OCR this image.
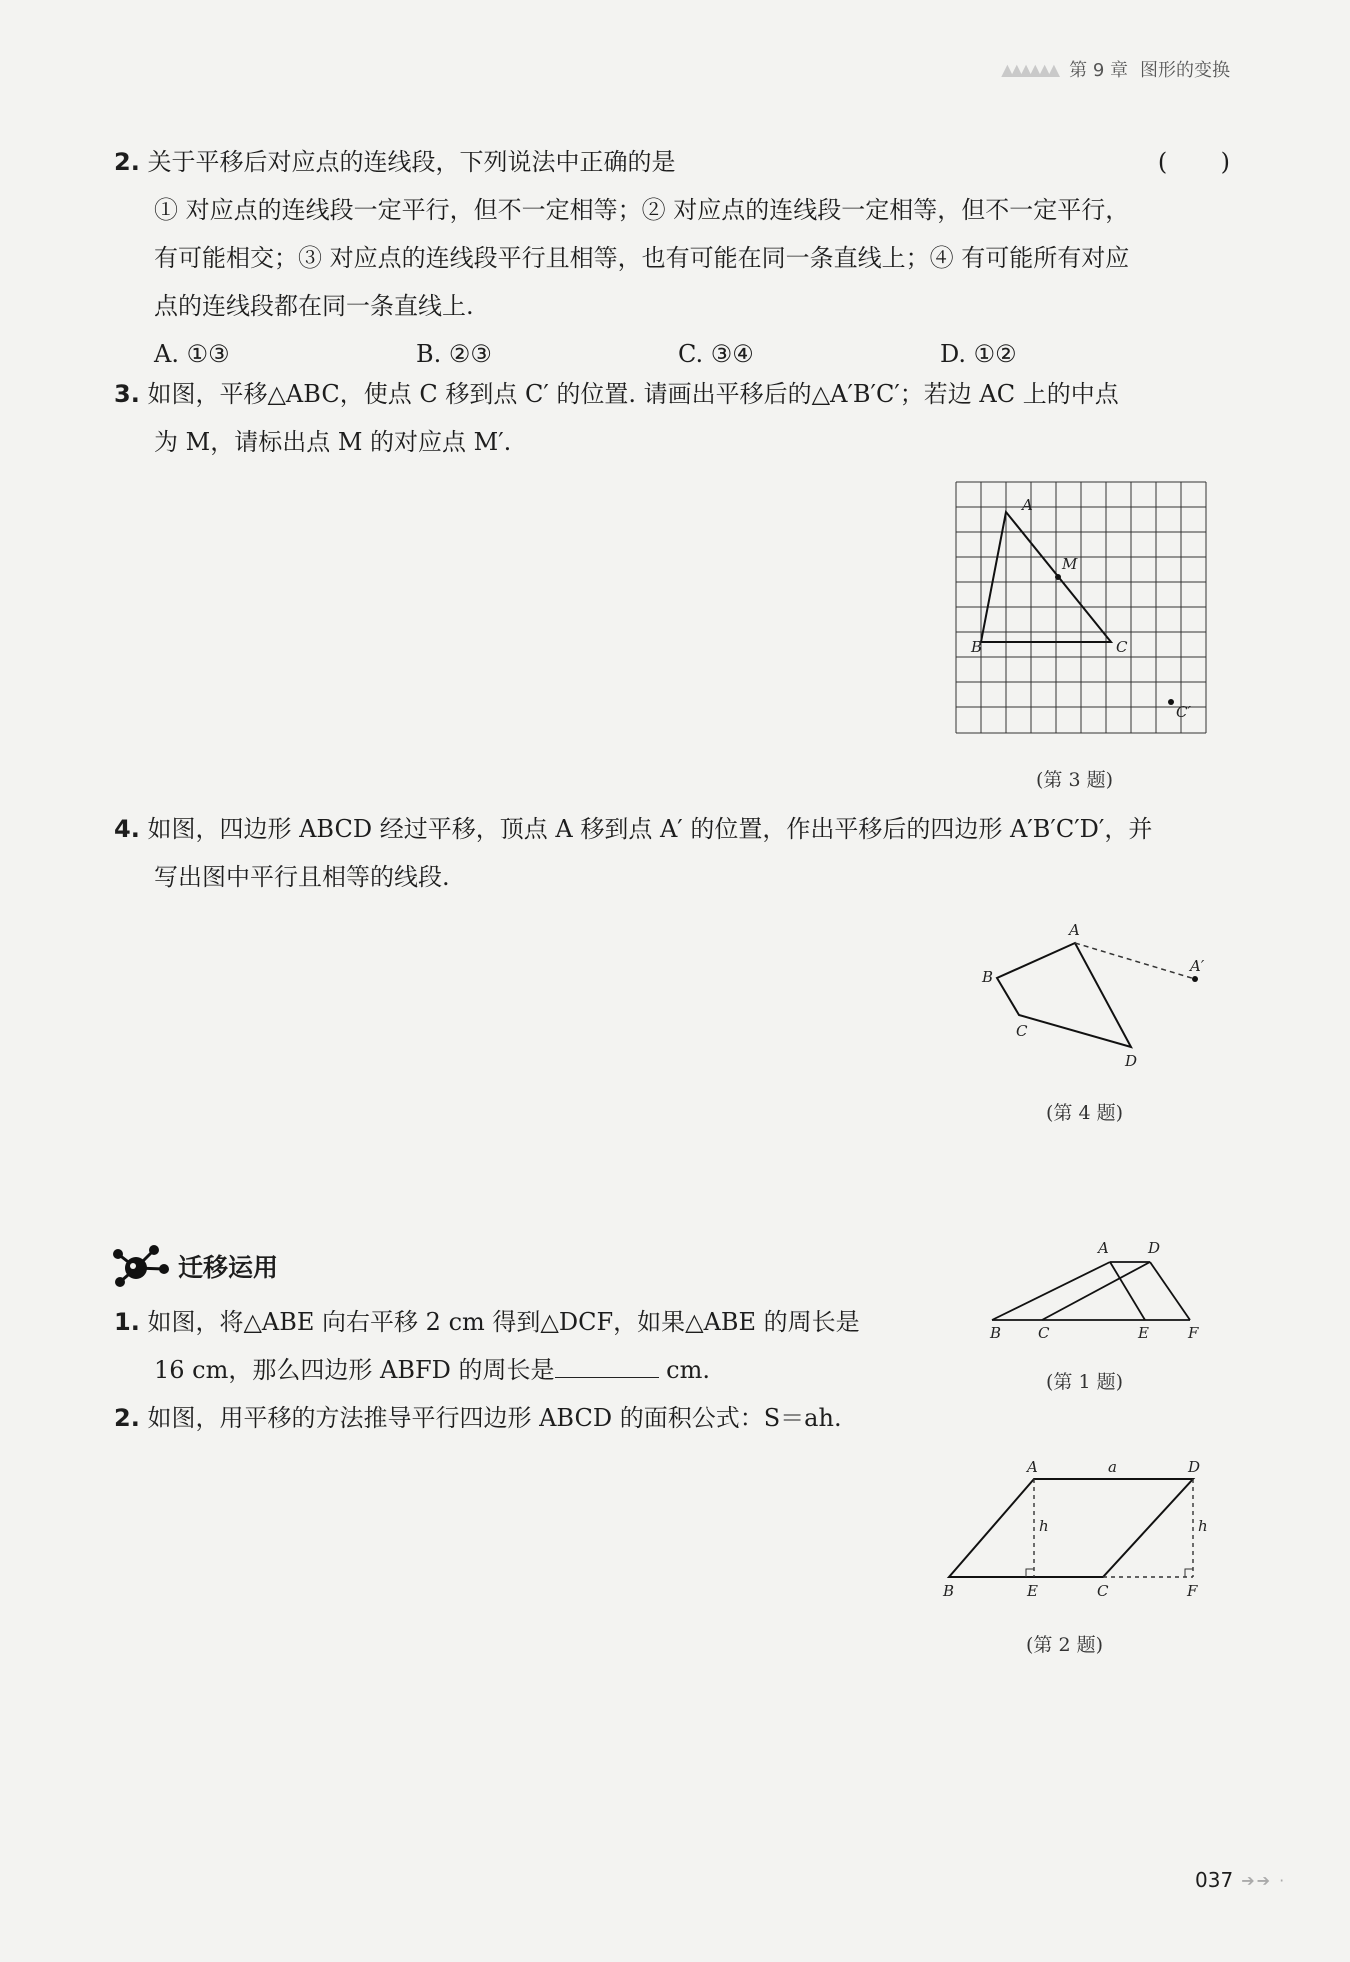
▲▲▲▲▲▲ 第 9 章 图形的变换
2. 关于平移后对应点的连线段，下列说法中正确的是	(       )
① 对应点的连线段一定平行，但不一定相等；② 对应点的连线段一定相等，但不一定平行，
有可能相交；③ 对应点的连线段平行且相等，也有可能在同一条直线上；④ 有可能所有对应
点的连线段都在同一条直线上.
A. ①③	B. ②③	C. ③④	D. ①②
3. 如图，平移△ABC，使点 C 移到点 C′ 的位置. 请画出平移后的△A′B′C′；若边 AC 上的中点
为 M，请标出点 M 的对应点 M′.
A
B	C
M
C′
(第 3 题)
4. 如图，四边形 ABCD 经过平移，顶点 A 移到点 A′ 的位置，作出平移后的四边形 A′B′C′D′，并
写出图中平行且相等的线段.
A
B
C
D
A′
(第 4 题)
迁移运用
1. 如图，将△ABE 向右平移 2 cm 得到△DCF，如果△ABE 的周长是
16 cm，那么四边形 ABFD 的周长是	cm.
A	D
B C	E	F
(第 1 题)
2. 如图，用平移的方法推导平行四边形 ABCD 的面积公式：S＝ah.
A	a	D
h	h
B	E	C	F
(第 2 题)
037 ➔➔ ·
